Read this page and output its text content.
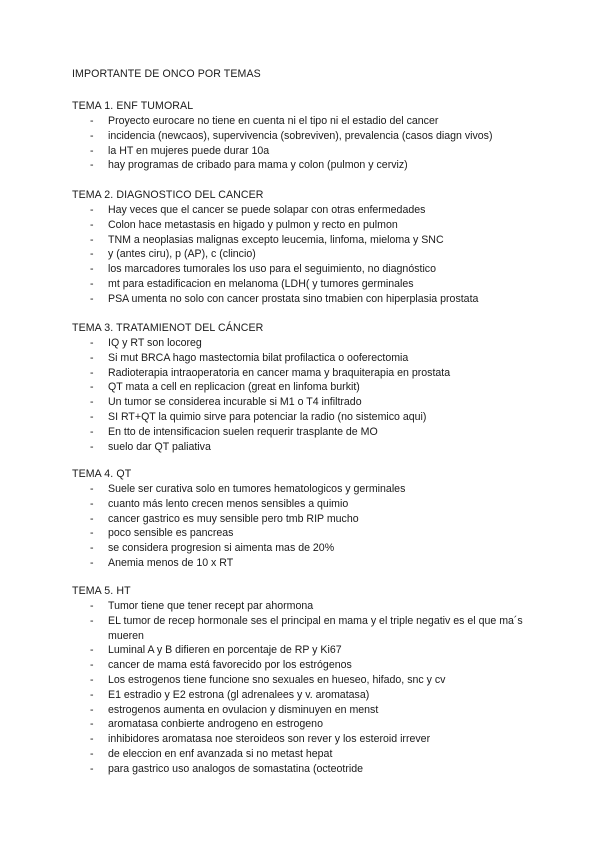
IMPORTANTE DE ONCO POR TEMAS
TEMA 1. ENF TUMORAL
- Proyecto eurocare no tiene en cuenta ni el tipo ni el estadio del cancer
- incidencia (newcaos), supervivencia (sobreviven), prevalencia (casos diagn vivos)
- la HT en mujeres puede durar 10a
- hay programas de cribado para mama y colon (pulmon y cerviz)
TEMA 2. DIAGNOSTICO DEL CANCER
- Hay veces que el cancer se puede solapar con otras enfermedades
- Colon hace metastasis en higado y pulmon y recto en pulmon
- TNM a neoplasias malignas excepto leucemia, linfoma, mieloma y SNC
- y (antes ciru), p (AP), c (clincio)
- los marcadores tumorales los uso para el seguimiento, no diagnóstico
- mt para estadificacion en melanoma (LDH( y tumores germinales
- PSA umenta no solo con cancer prostata sino tmabien con hiperplasia prostata
TEMA 3. TRATAMIENOT DEL CÁNCER
- IQ y RT son locoreg
- Si mut BRCA hago mastectomia bilat profilactica o ooferectomia
- Radioterapia intraoperatoria en cancer mama y braquiterapia en prostata
- QT mata a cell en replicacion (great en linfoma burkit)
- Un tumor se considerea incurable si M1 o T4 infiltrado
- SI RT+QT la quimio sirve para potenciar la radio (no sistemico aqui)
- En tto de intensificacion suelen requerir trasplante de MO
- suelo dar QT paliativa
TEMA 4. QT
- Suele ser curativa solo en tumores hematologicos y germinales
- cuanto más lento crecen menos sensibles a quimio
- cancer gastrico es muy sensible pero tmb RIP mucho
- poco sensible es pancreas
- se considera progresion si aimenta mas de 20%
- Anemia menos de 10 x RT
TEMA 5. HT
- Tumor tiene que tener recept par ahormona
- EL tumor de recep hormonale ses el principal en mama y el triple negativ es el que ma´s mueren
- Luminal A y B difieren en porcentaje de RP y Ki67
- cancer de mama está favorecido por los estrógenos
- Los estrogenos tiene funcione sno sexuales en hueseo, hifado, snc y cv
- E1 estradio y E2 estrona (gl adrenalees y v. aromatasa)
- estrogenos aumenta en ovulacion y disminuyen en menst
- aromatasa conbierte androgeno en estrogeno
- inhibidores aromatasa noe steroideos son rever y los esteroid irrever
- de eleccion en enf avanzada si no metast hepat
- para gastrico uso analogos de somastatina (octeotride
